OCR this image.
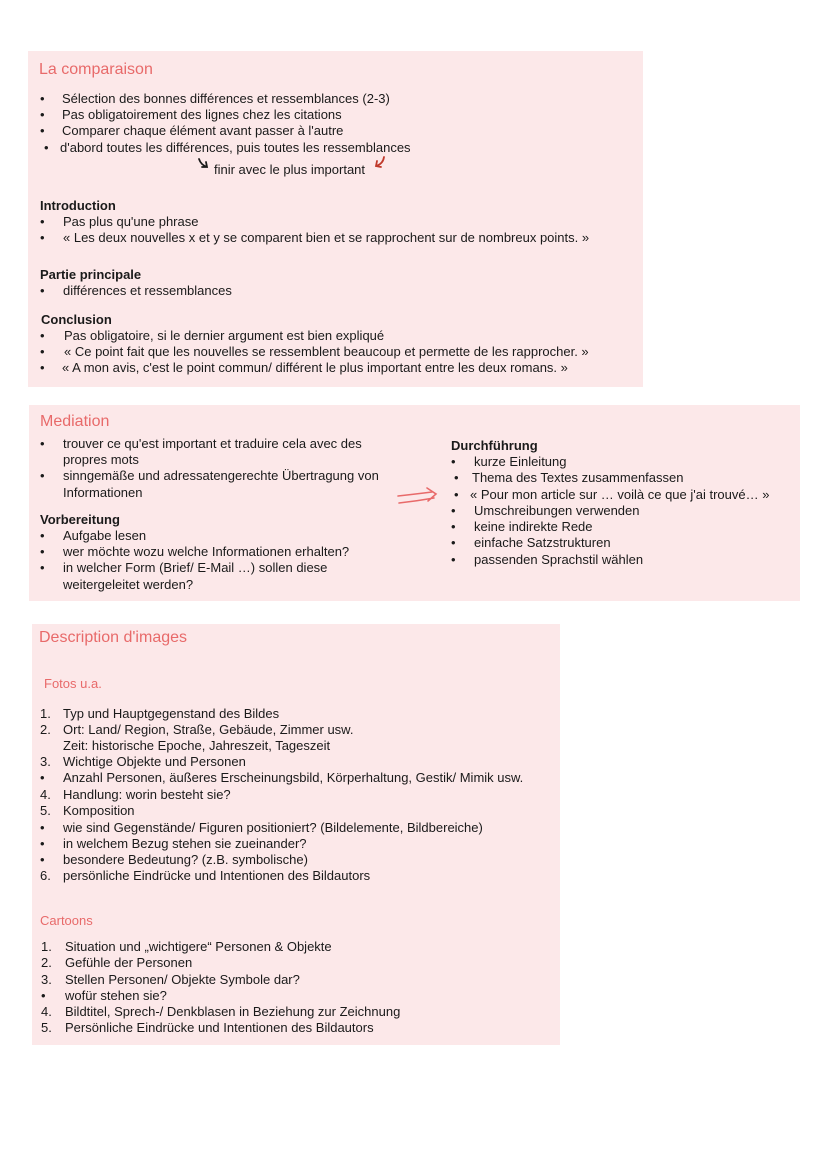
La comparaison
• Sélection des bonnes différences et ressemblances (2-3)
• Pas obligatoirement des lignes chez les citations
• Comparer chaque élément avant passer à l'autre
• d'abord toutes les différences, puis toutes les ressemblances
finir avec le plus important
Introduction
• Pas plus qu'une phrase
• « Les deux nouvelles x et y se comparent bien et se rapprochent sur de nombreux points. »
Partie principale
• différences et ressemblances
Conclusion
• Pas obligatoire, si le dernier argument est bien expliqué
• « Ce point fait que les nouvelles se ressemblent beaucoup et permette de les rapprocher. »
• « A mon avis, c'est le point commun/ différent le plus important entre les deux romans. »
Mediation
• trouver ce qu'est important et traduire cela avec des
propres mots
• sinngemäße und adressatengerechte Übertragung von
Informationen
Vorbereitung
• Aufgabe lesen
• wer möchte wozu welche Informationen erhalten?
• in welcher Form (Brief/ E-Mail …) sollen diese
weitergeleitet werden?
Durchführung
• kurze Einleitung
• Thema des Textes zusammenfassen
• « Pour mon article sur … voilà ce que j'ai trouvé… »
• Umschreibungen verwenden
• keine indirekte Rede
• einfache Satzstrukturen
• passenden Sprachstil wählen
Description d'images
Fotos u.a.
1. Typ und Hauptgegenstand des Bildes
2. Ort: Land/ Region, Straße, Gebäude, Zimmer usw.
Zeit: historische Epoche, Jahreszeit, Tageszeit
3. Wichtige Objekte und Personen
• Anzahl Personen, äußeres Erscheinungsbild, Körperhaltung, Gestik/ Mimik usw.
4. Handlung: worin besteht sie?
5. Komposition
• wie sind Gegenstände/ Figuren positioniert? (Bildelemente, Bildbereiche)
• in welchem Bezug stehen sie zueinander?
• besondere Bedeutung? (z.B. symbolische)
6. persönliche Eindrücke und Intentionen des Bildautors
Cartoons
1. Situation und „wichtigere“ Personen & Objekte
2. Gefühle der Personen
3. Stellen Personen/ Objekte Symbole dar?
• wofür stehen sie?
4. Bildtitel, Sprech-/ Denkblasen in Beziehung zur Zeichnung
5. Persönliche Eindrücke und Intentionen des Bildautors
